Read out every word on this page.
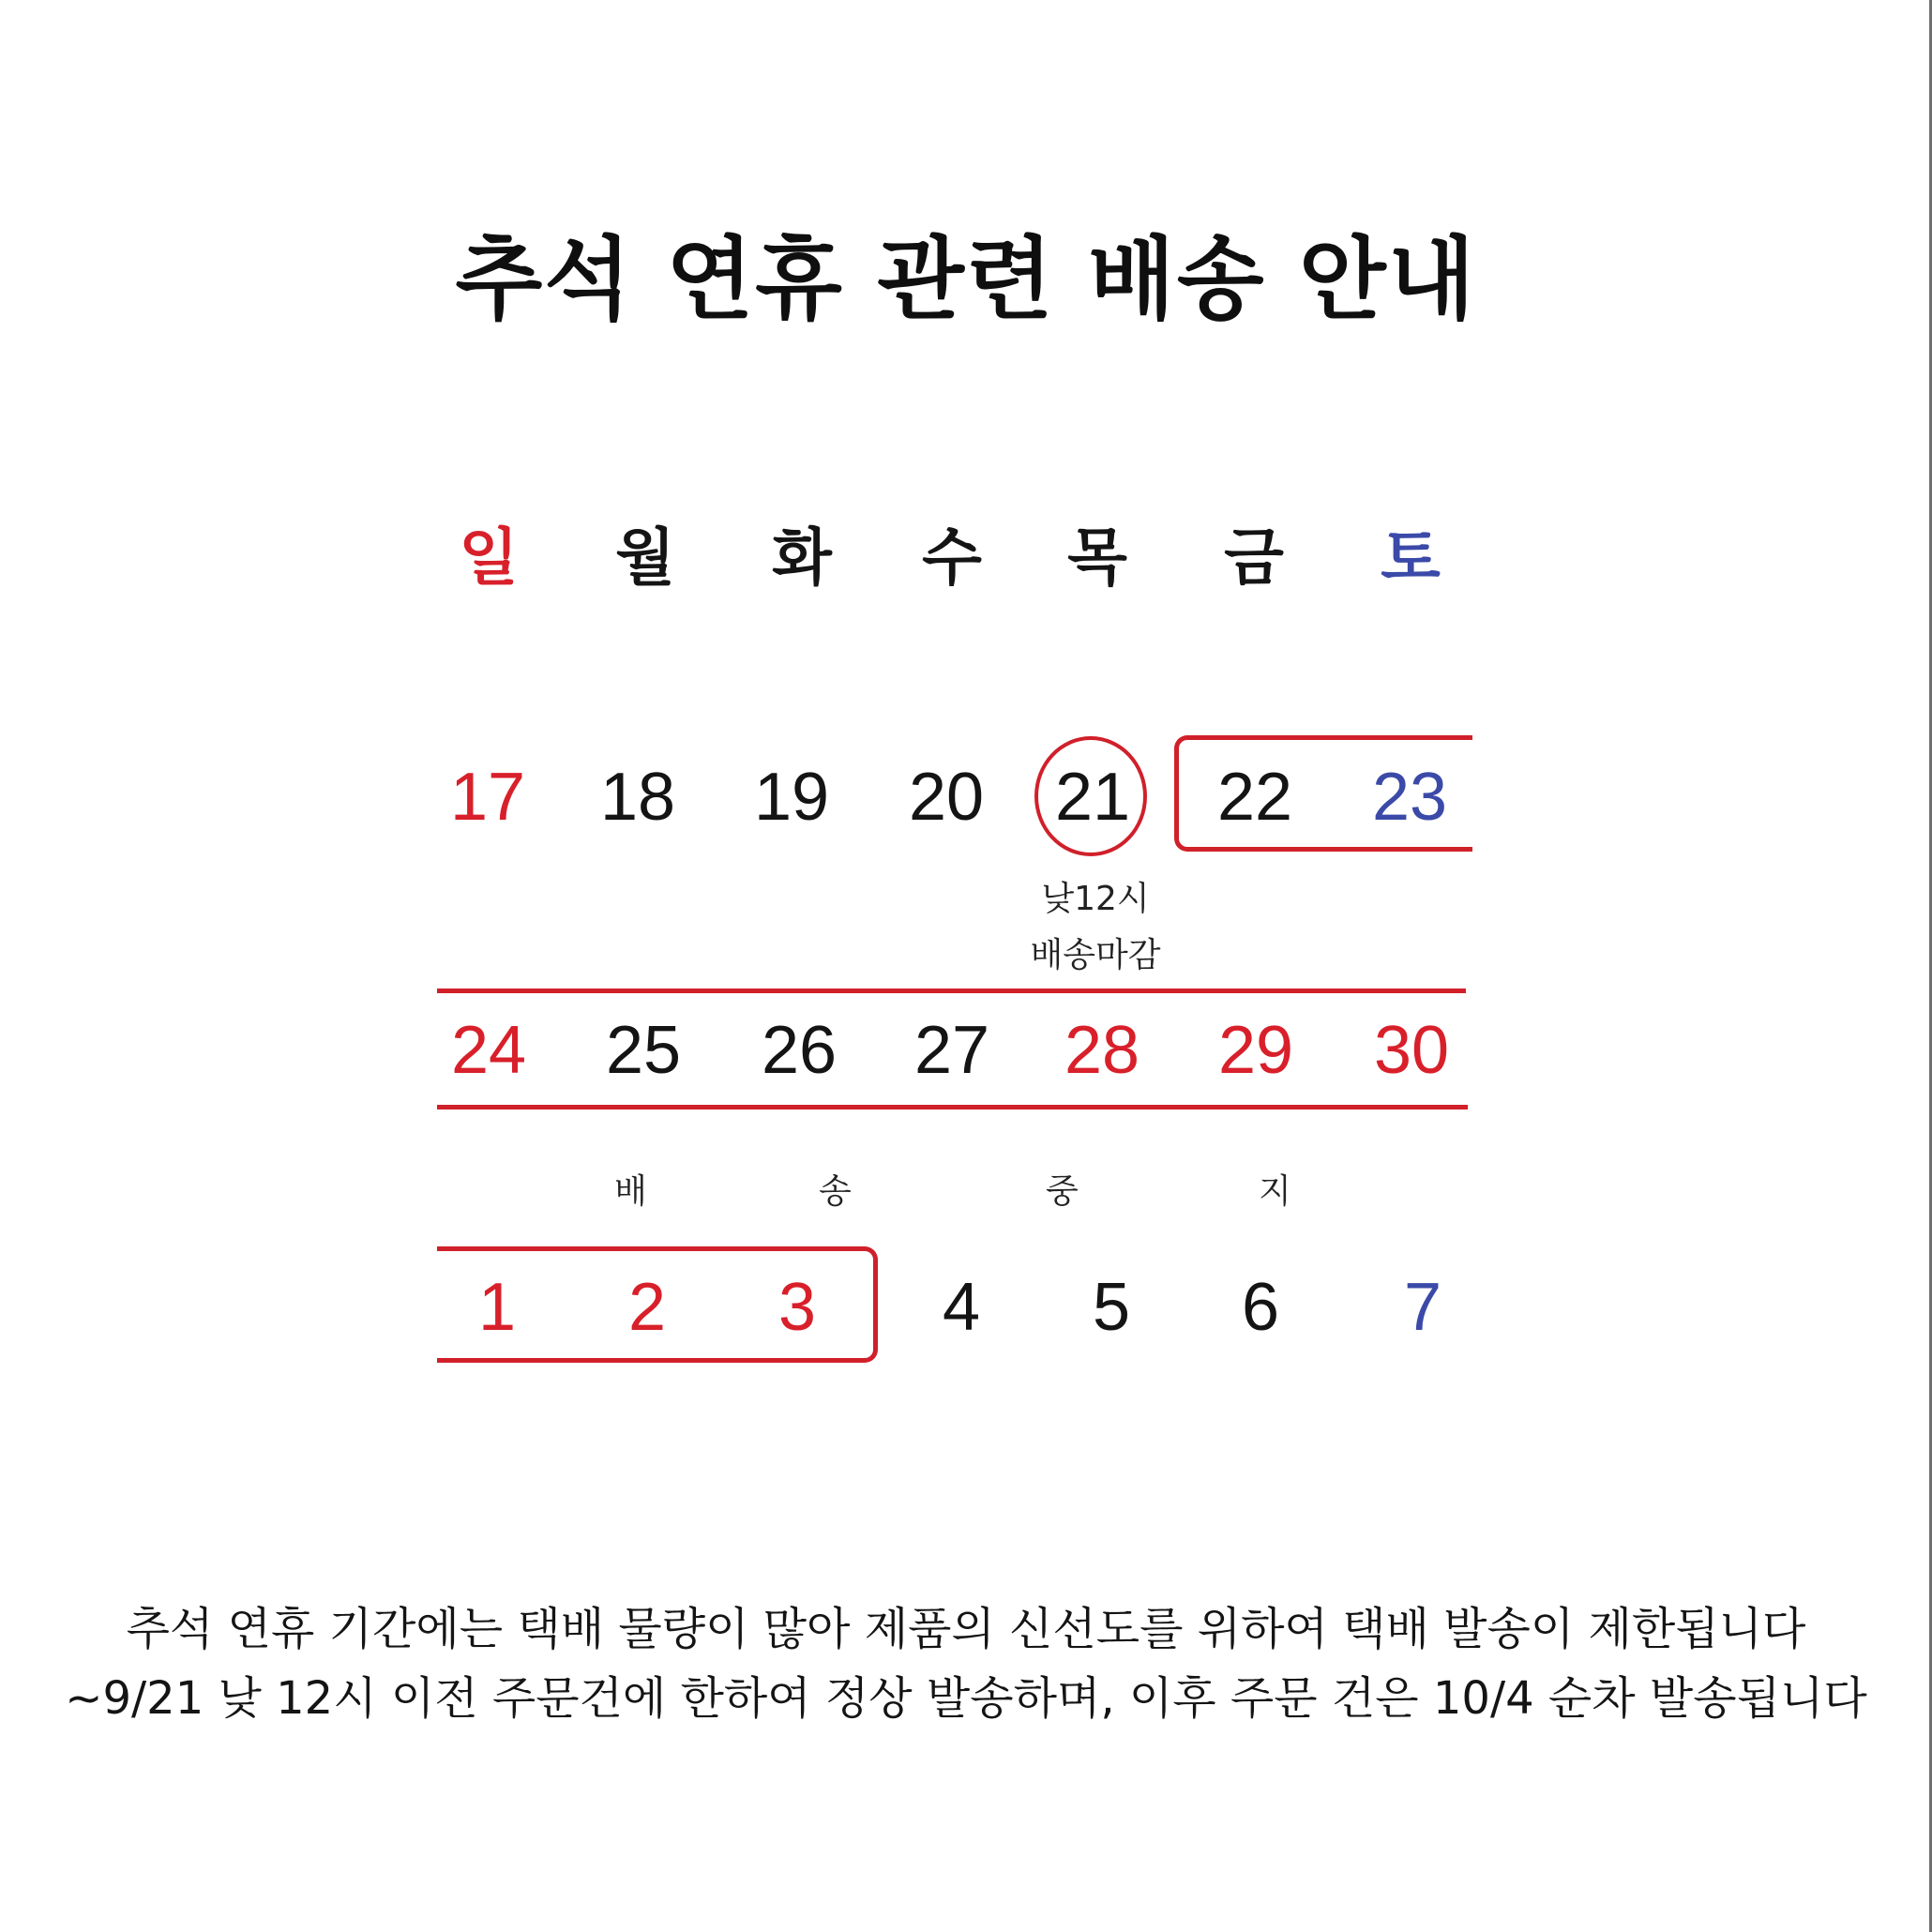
추석 연휴 관련 배송 안내
일	월	화	수	목	금	토
17	18	19	20	21	22	23
낮12시
배송마감
24	25	26	27	28	29	30
배	송	중	지
1	2	3	4	5	6	7
추석 연휴 기간에는 택배 물량이 많아 제품의 신선도를 위하여 택배 발송이 제한됩니다
~9/21 낮 12시 이전 주문건에 한하여 정상 발송하며, 이후 주문 건은 10/4 순차 발송됩니다
